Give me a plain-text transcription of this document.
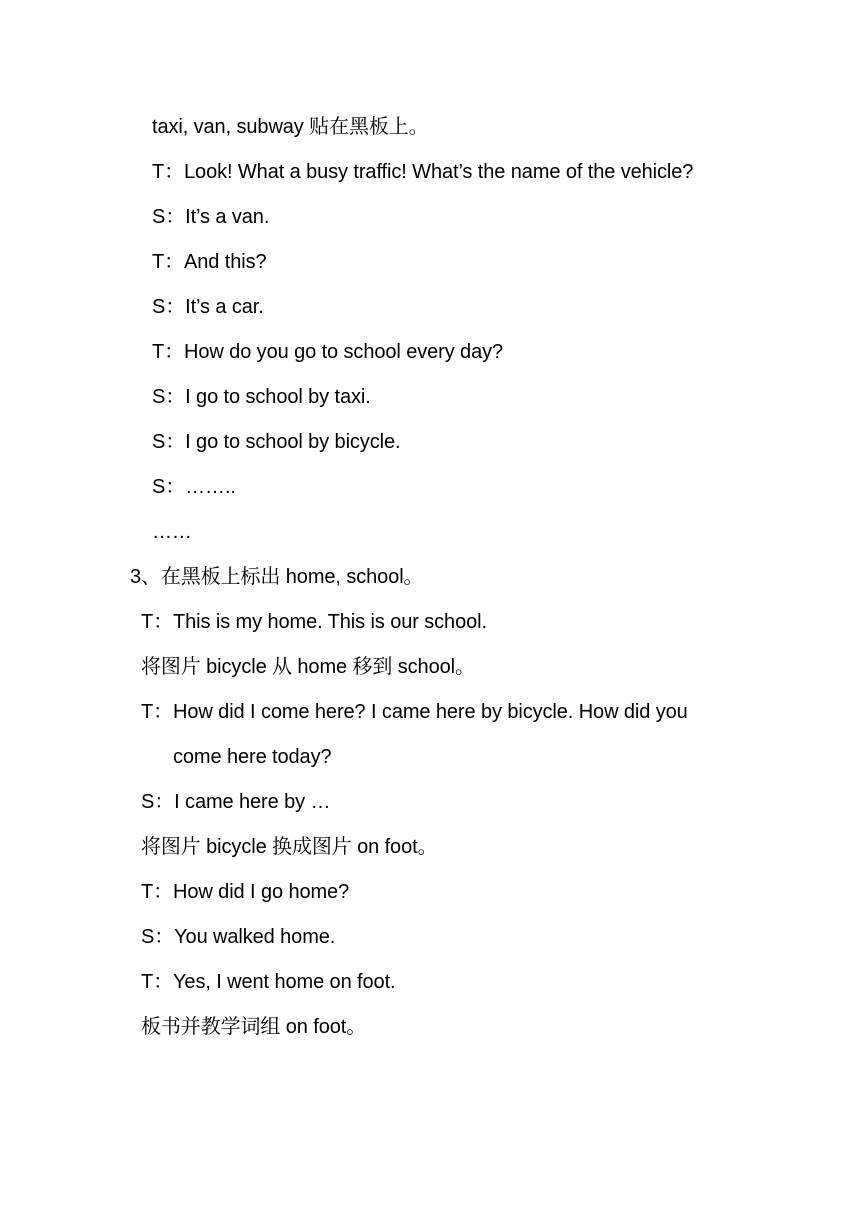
taxi, van, subway 贴在黑板上。
T：Look! What a busy traffic! What’s the name of the vehicle?
S：It’s a van.
T：And this?
S：It’s a car.
T：How do you go to school every day?
S：I go to school by taxi.
S：I go to school by bicycle.
S：……..
……
3、在黑板上标出 home, school。
T：This is my home. This is our school.
将图片 bicycle 从 home 移到 school。
T：How did I come here? I came here by bicycle. How did you
come here today?
S：I came here by …
将图片 bicycle 换成图片 on foot。
T：How did I go home?
S：You walked home.
T：Yes, I went home on foot.
板书并教学词组 on foot。
